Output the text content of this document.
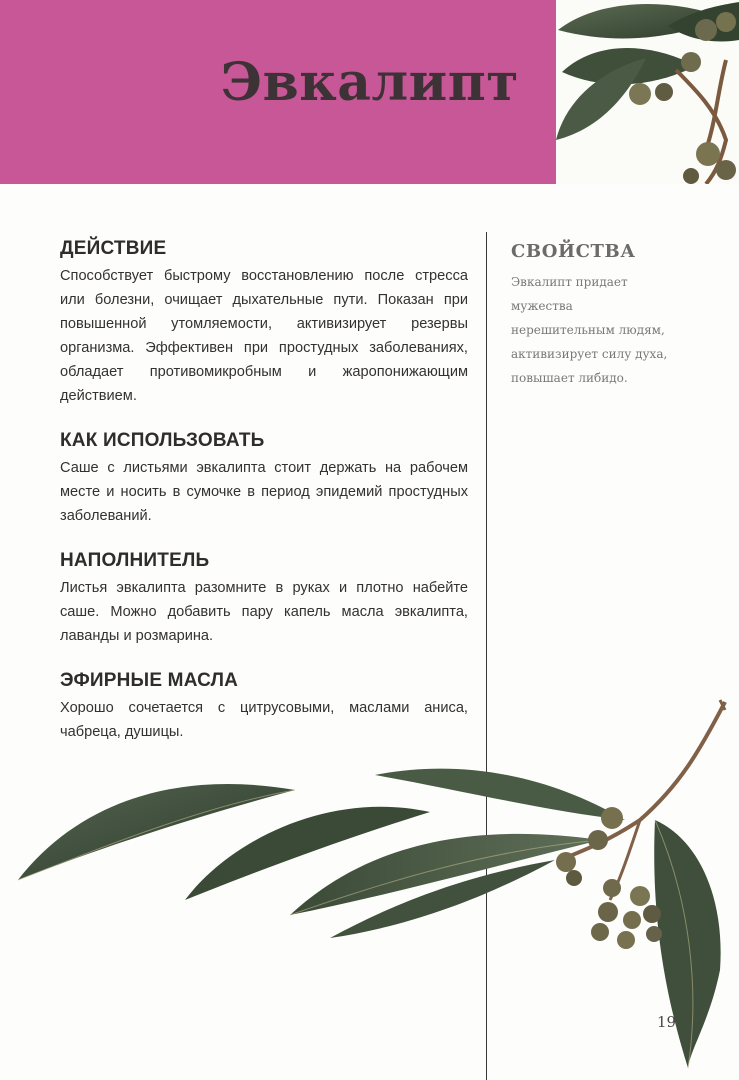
Эвкалипт
ДЕЙСТВИЕ

Способствует быстрому восстановлению после стресса или болезни, очищает дыхательные пути. Показан при повышенной утомляемости, активизирует резервы организма. Эффективен при простудных заболеваниях, обладает противомикробным и жаропонижающим действием.

КАК ИСПОЛЬЗОВАТЬ

Саше с листьями эвкалипта стоит держать на рабочем месте и носить в сумочке в период эпидемий простудных заболеваний.

НАПОЛНИТЕЛЬ

Листья эвкалипта разомните в руках и плотно набейте саше. Можно добавить пару капель масла эвкалипта, лаванды и розмарина.

ЭФИРНЫЕ МАСЛА

Хорошо сочетается с цитрусовыми, маслами аниса, чабреца, душицы.

СВОЙСТВА

Эвкалипт придает мужества нерешительным людям, активизирует силу духа, повышает либидо.

19
